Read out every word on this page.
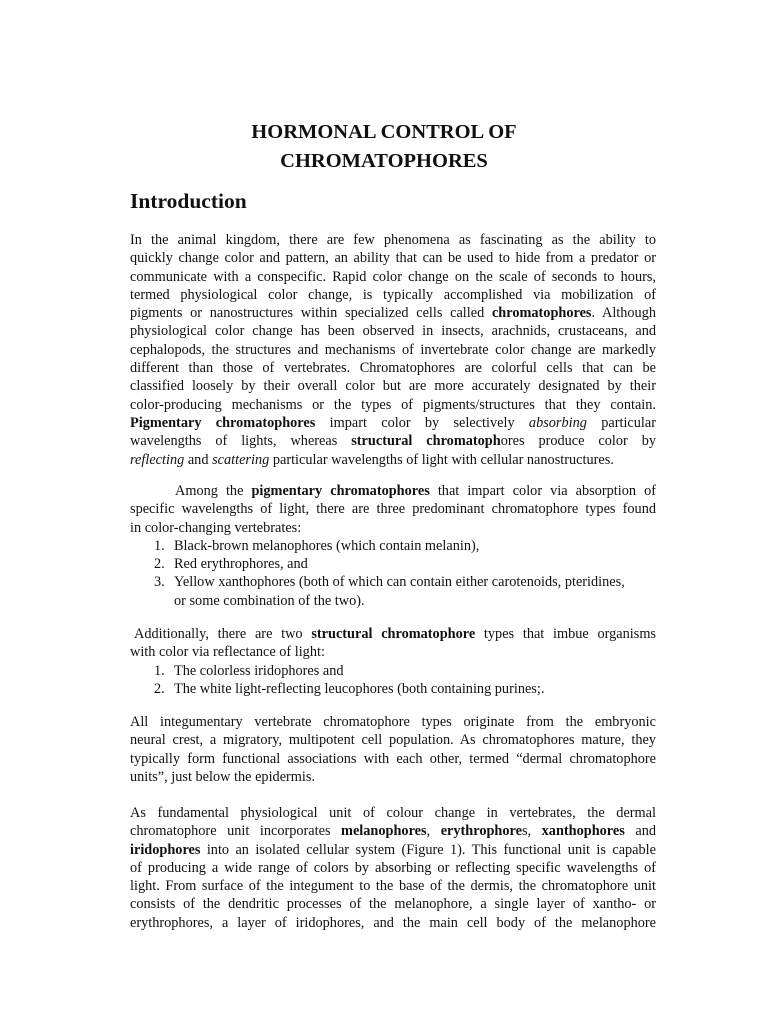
HORMONAL CONTROL OF
CHROMATOPHORES
Introduction
In the animal kingdom, there are few phenomena as fascinating as the ability to
quickly change color and pattern, an ability that can be used to hide from a predator or
communicate with a conspecific. Rapid color change on the scale of seconds to hours,
termed physiological color change, is typically accomplished via mobilization of
pigments or nanostructures within specialized cells called chromatophores. Although
physiological color change has been observed in insects, arachnids, crustaceans, and
cephalopods, the structures and mechanisms of invertebrate color change are markedly
different than those of vertebrates. Chromatophores are colorful cells that can be
classified loosely by their overall color but are more accurately designated by their
color-producing mechanisms or the types of pigments/structures that they contain.
Pigmentary chromatophores impart color by selectively absorbing particular
wavelengths of lights, whereas structural chromatophores produce color by
reflecting and scattering particular wavelengths of light with cellular nanostructures.
Among the pigmentary chromatophores that impart color via absorption of
specific wavelengths of light, there are three predominant chromatophore types found
in color-changing vertebrates:
1. Black-brown melanophores (which contain melanin),
2. Red erythrophores, and
3. Yellow xanthophores (both of which can contain either carotenoids, pteridines,
or some combination of the two).
Additionally, there are two structural chromatophore types that imbue organisms
with color via reflectance of light:
1. The colorless iridophores and
2. The white light-reflecting leucophores (both containing purines;.
All integumentary vertebrate chromatophore types originate from the embryonic
neural crest, a migratory, multipotent cell population. As chromatophores mature, they
typically form functional associations with each other, termed “dermal chromatophore
units”, just below the epidermis.
As fundamental physiological unit of colour change in vertebrates, the dermal
chromatophore unit incorporates melanophores, erythrophores, xanthophores and
iridophores into an isolated cellular system (Figure 1). This functional unit is capable
of producing a wide range of colors by absorbing or reflecting specific wavelengths of
light. From surface of the integument to the base of the dermis, the chromatophore unit
consists of the dendritic processes of the melanophore, a single layer of xantho- or
erythrophores, a layer of iridophores, and the main cell body of the melanophore
